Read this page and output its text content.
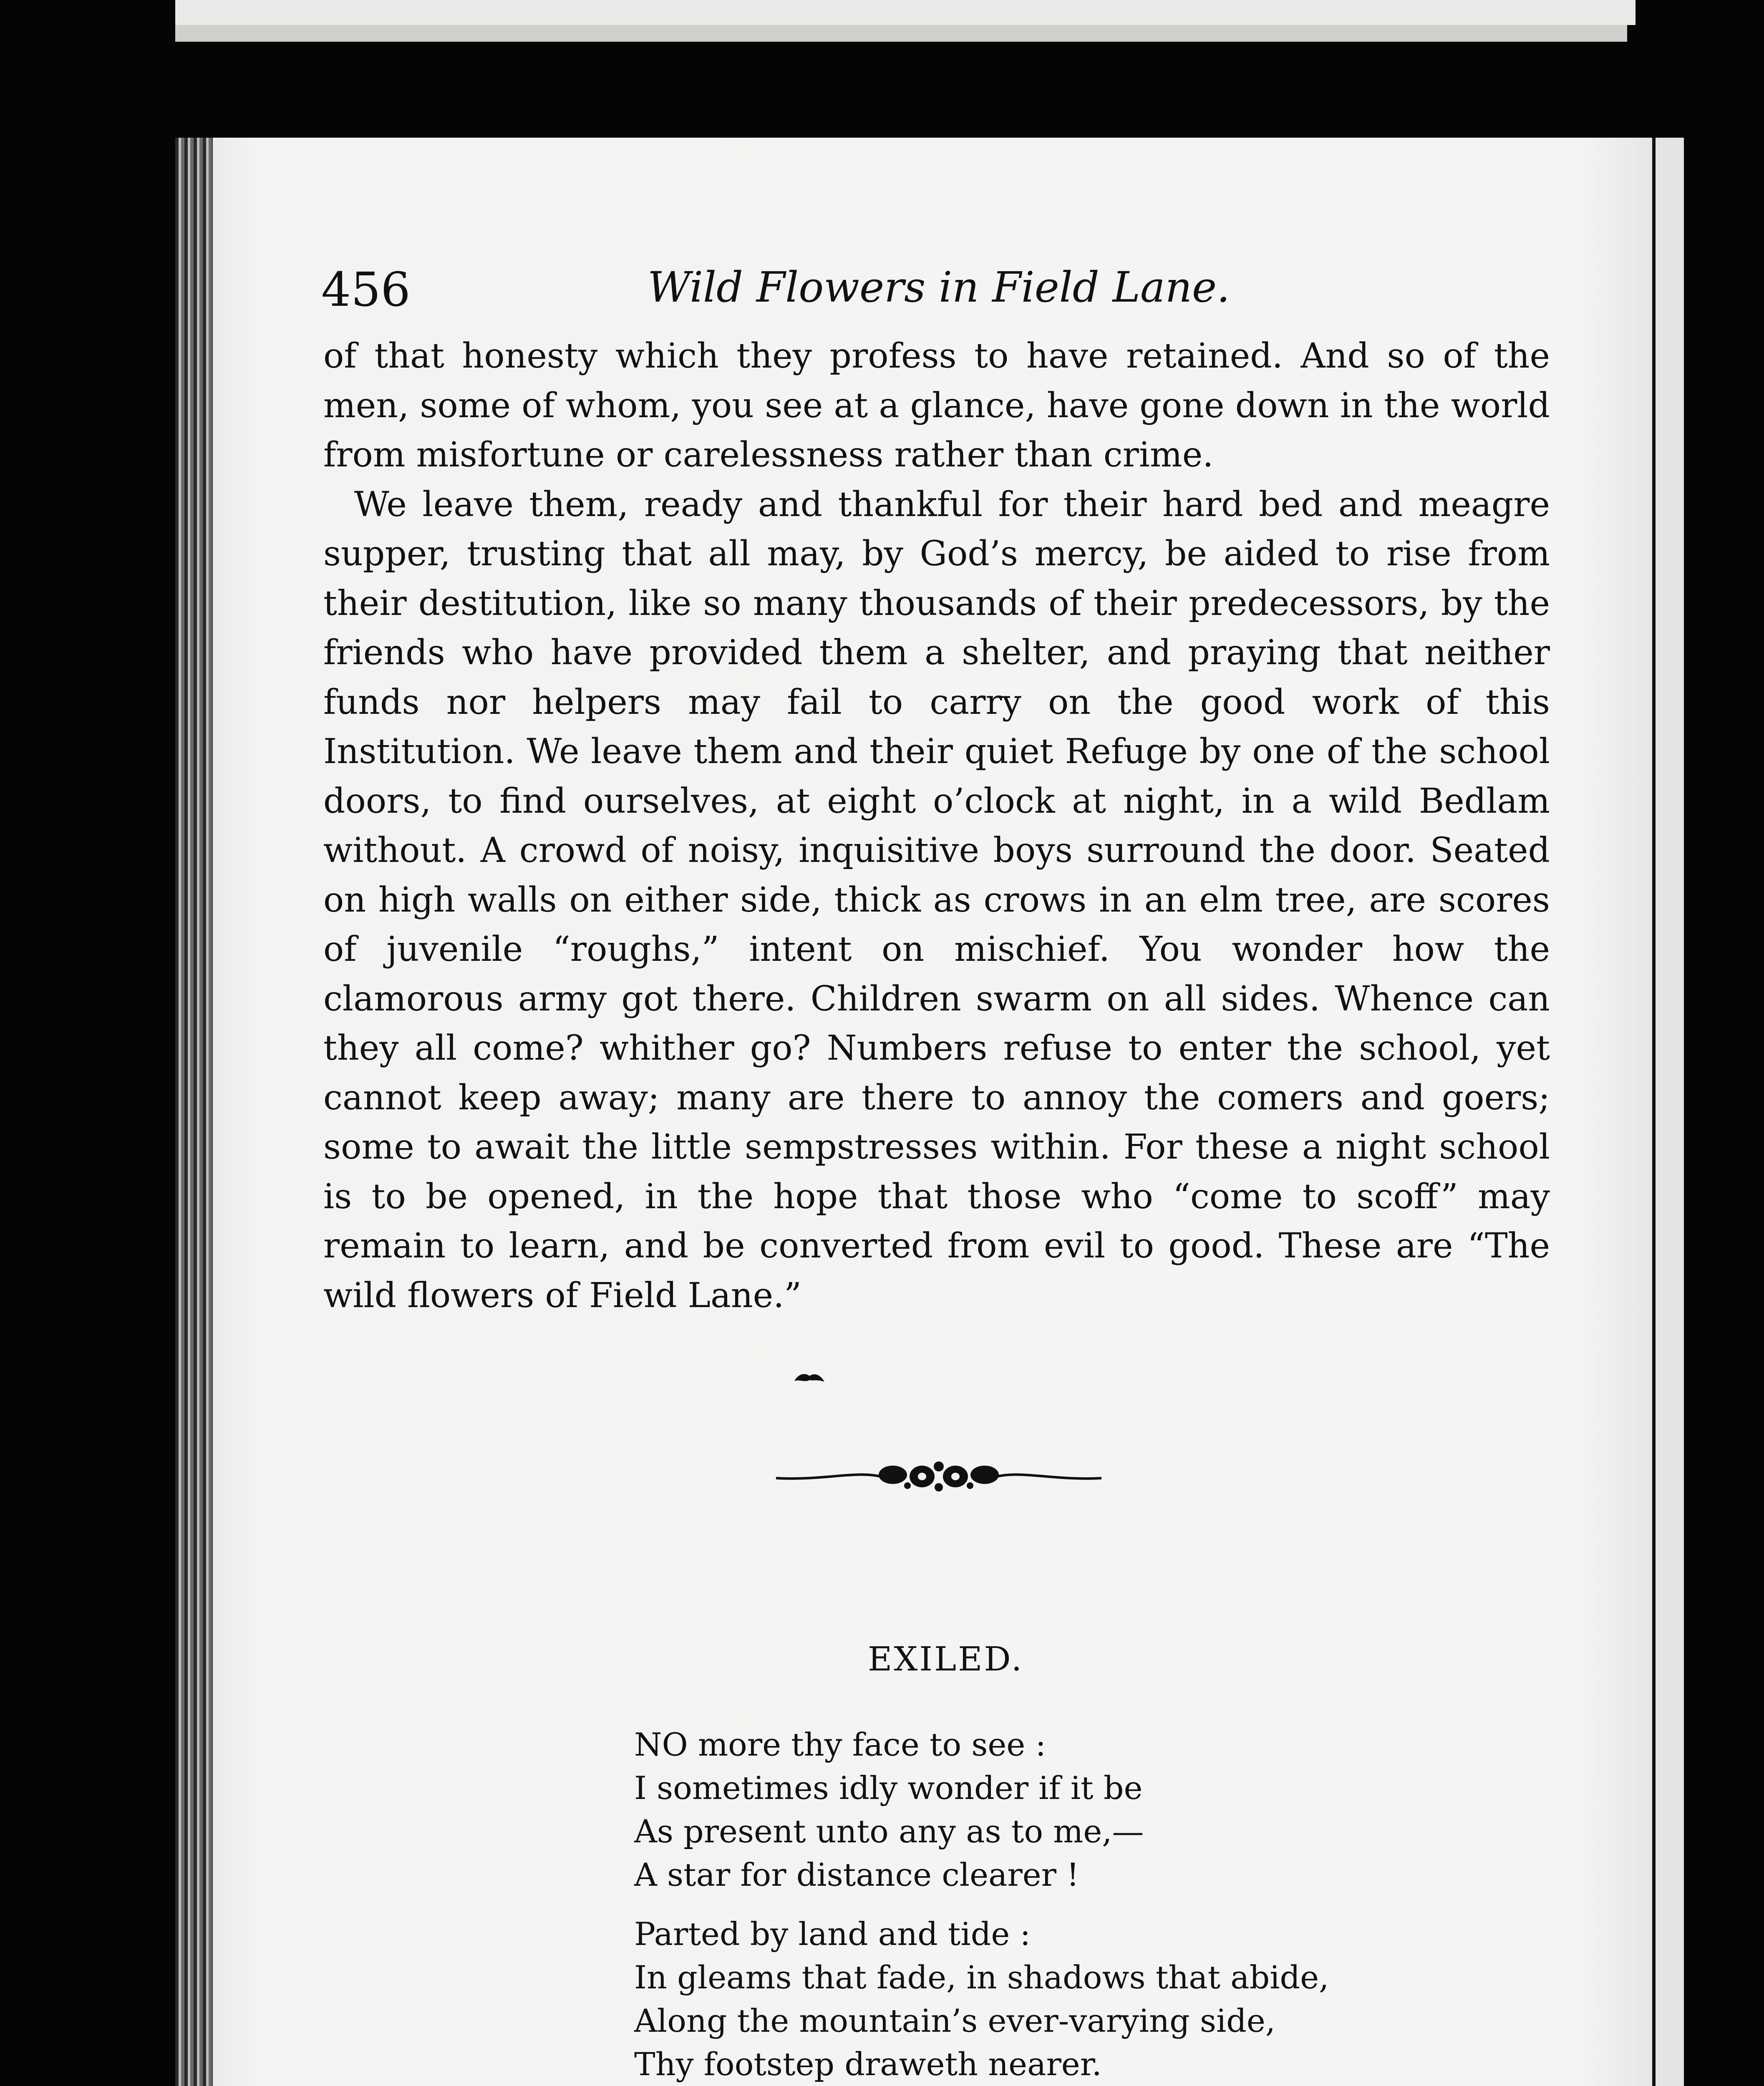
456	Wild Flowers in Field Lane.

of that honesty which they profess to have retained. And so of the men, some of whom, you see at a glance, have gone down in the world from misfortune or carelessness rather than crime.

We leave them, ready and thankful for their hard bed and meagre supper, trusting that all may, by God’s mercy, be aided to rise from their destitution, like so many thousands of their predecessors, by the friends who have provided them a shelter, and praying that neither funds nor helpers may fail to carry on the good work of this Institution. We leave them and their quiet Refuge by one of the school doors, to find ourselves, at eight o’clock at night, in a wild Bedlam without. A crowd of noisy, inquisitive boys surround the door. Seated on high walls on either side, thick as crows in an elm tree, are scores of juvenile “roughs,” intent on mischief. You wonder how the clamorous army got there. Children swarm on all sides. Whence can they all come? whither go? Numbers refuse to enter the school, yet cannot keep away; many are there to annoy the comers and goers; some to await the little sempstresses within. For these a night school is to be opened, in the hope that those who “come to scoff” may remain to learn, and be converted from evil to good. These are “The wild flowers of Field Lane.”

EXILED.
NO more thy face to see :
I sometimes idly wonder if it be
As present unto any as to me,—
A star for distance clearer !
Parted by land and tide :
In gleams that fade, in shadows that abide,
Along the mountain’s ever-varying side,
Thy footstep draweth nearer.
